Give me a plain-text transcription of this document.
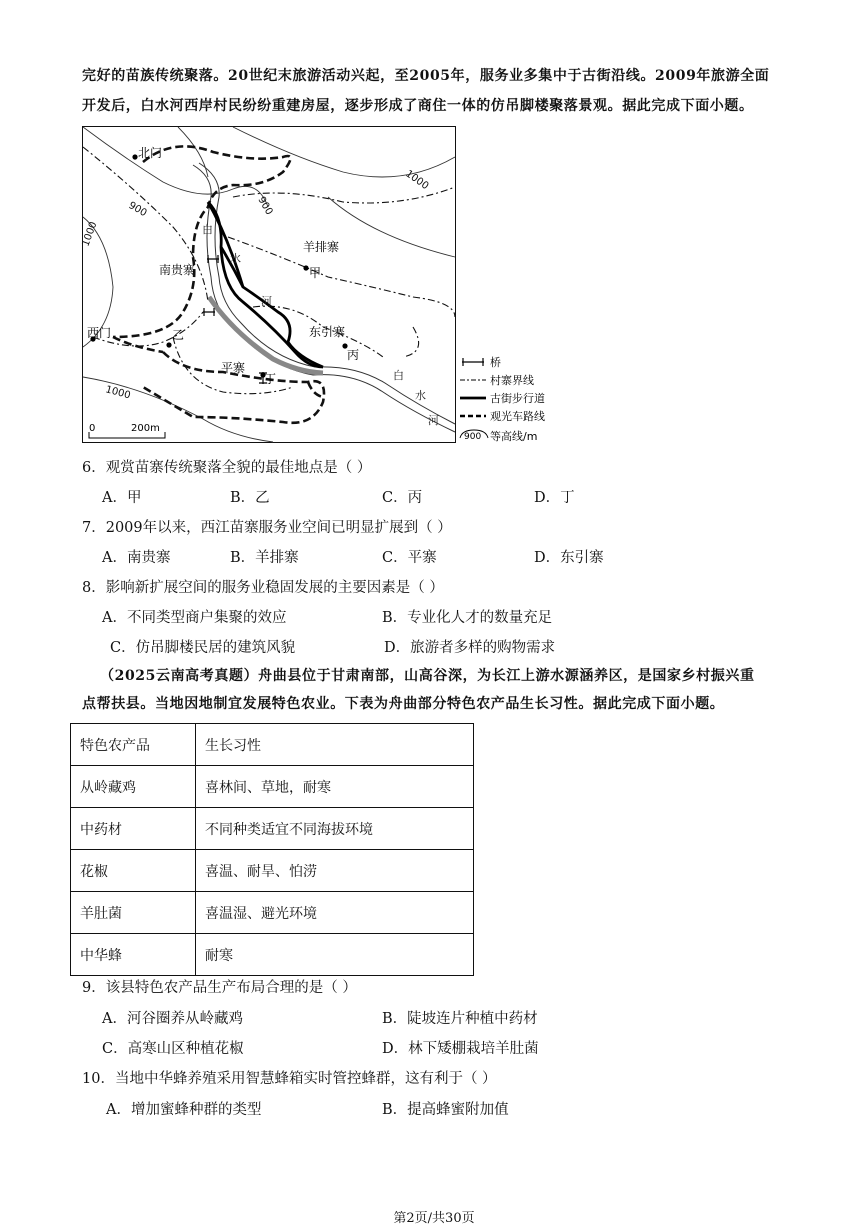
完好的苗族传统聚落。20世纪末旅游活动兴起，至2005年，服务业多集中于古街沿线。2009年旅游全面
开发后，白水河西岸村民纷纷重建房屋，逐步形成了商住一体的仿吊脚楼聚落景观。据此完成下面小题。
北门
西门
南贵寨
羊排寨
东引寨
平寨
甲
乙
丙
丁
白
水
河
白
水
河
900	900
1000
1000
1000
0	200m
桥
村寨界线
古街步行道
观光车路线
900 等高线/m
6．观赏苗寨传统聚落全貌的最佳地点是（ ）
A．甲	B．乙	C．丙	D．丁
7．2009年以来，西江苗寨服务业空间已明显扩展到（ ）
A．南贵寨	B．羊排寨	C．平寨	D．东引寨
8．影响新扩展空间的服务业稳固发展的主要因素是（ ）
A．不同类型商户集聚的效应	B．专业化人才的数量充足
C．仿吊脚楼民居的建筑风貌	D．旅游者多样的购物需求
（2025云南高考真题）舟曲县位于甘肃南部，山高谷深，为长江上游水源涵养区，是国家乡村振兴重
点帮扶县。当地因地制宜发展特色农业。下表为舟曲部分特色农产品生长习性。据此完成下面小题。
特色农产品	生长习性
从岭藏鸡	喜林间、草地，耐寒
中药材	不同种类适宜不同海拔环境
花椒	喜温、耐旱、怕涝
羊肚菌	喜温湿、避光环境
中华蜂	耐寒
9．该县特色农产品生产布局合理的是（ ）
A．河谷圈养从岭藏鸡	B．陡坡连片种植中药材
C．高寒山区种植花椒	D．林下矮棚栽培羊肚菌
10．当地中华蜂养殖采用智慧蜂箱实时管控蜂群，这有利于（ ）
A．增加蜜蜂种群的类型	B．提高蜂蜜附加值
第2页/共30页
